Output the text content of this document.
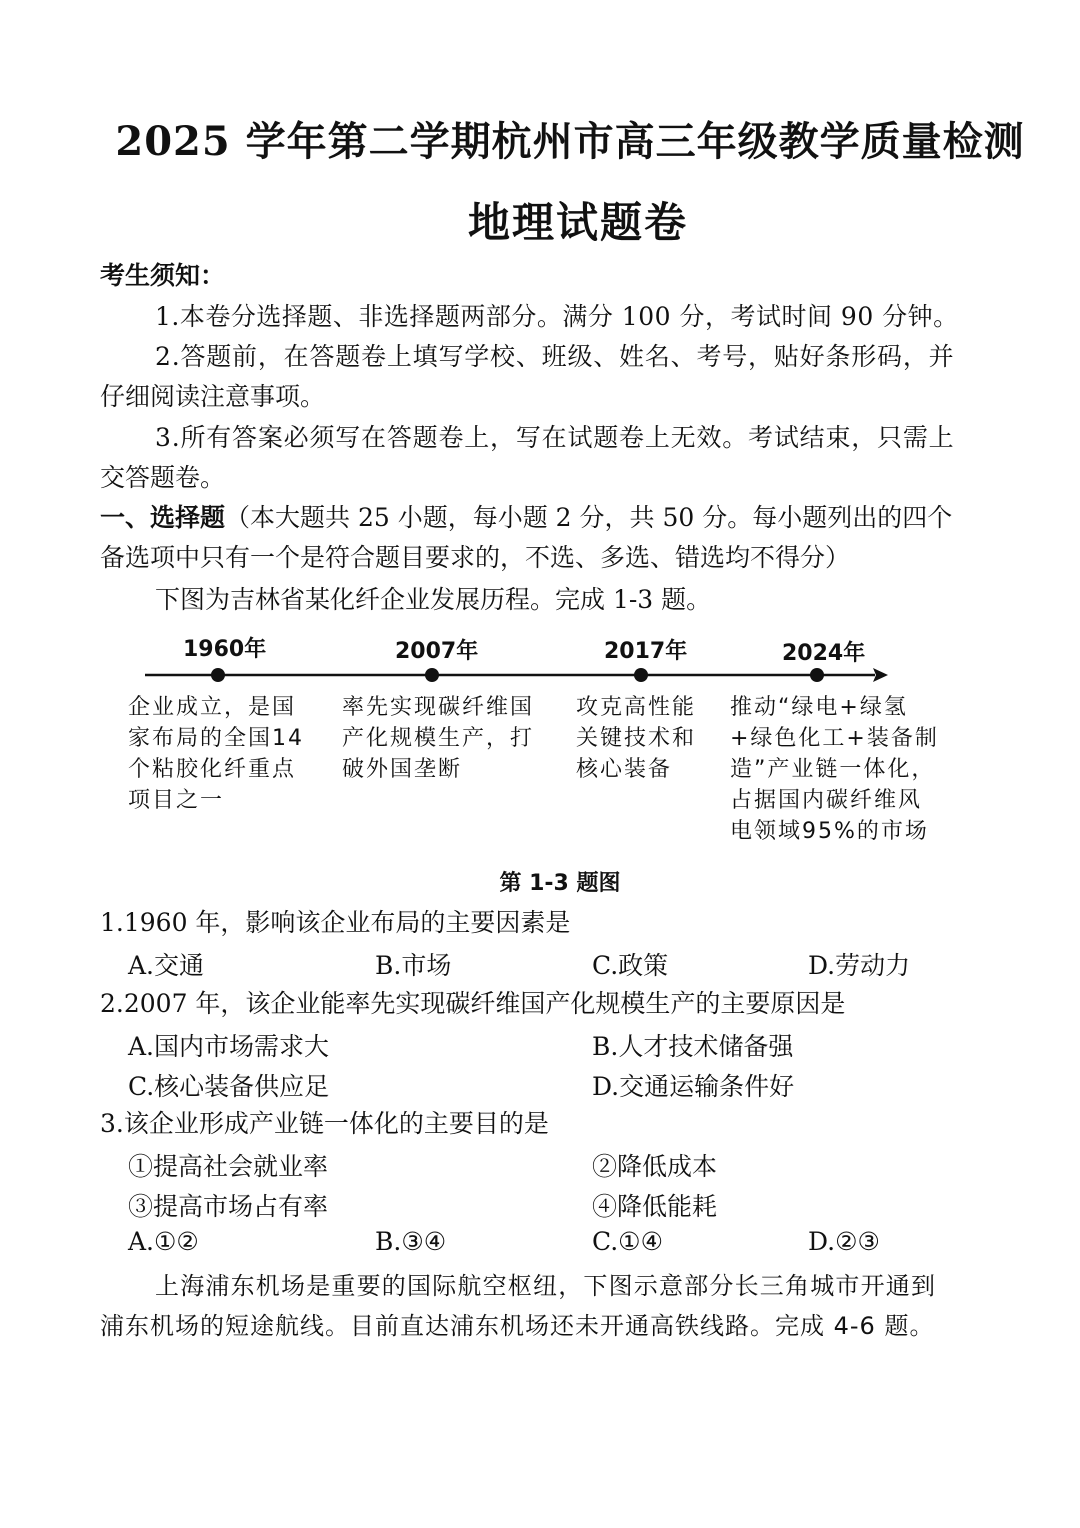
2025 学年第二学期杭州市高三年级教学质量检测
地理试题卷
考生须知：
1.本卷分选择题、非选择题两部分。满分 100 分，考试时间 90 分钟。
2.答题前，在答题卷上填写学校、班级、姓名、考号，贴好条形码，并
仔细阅读注意事项。
3.所有答案必须写在答题卷上，写在试题卷上无效。考试结束，只需上
交答题卷。
一、选择题（本大题共 25 小题，每小题 2 分，共 50 分。每小题列出的四个
备选项中只有一个是符合题目要求的，不选、多选、错选均不得分）
下图为吉林省某化纤企业发展历程。完成 1-3 题。
1960年	2007年	2017年	2024年
企业成立，是国家布局的全国14个粘胶化纤重点项目之一
率先实现碳纤维国产化规模生产，打破外国垄断
攻克高性能关键技术和核心装备
推动“绿电+绿氢+绿色化工+装备制造”产业链一体化，占据国内碳纤维风电领域95%的市场
第 1-3 题图
1.1960 年，影响该企业布局的主要因素是
A.交通	B.市场	C.政策	D.劳动力
2.2007 年，该企业能率先实现碳纤维国产化规模生产的主要原因是
A.国内市场需求大	B.人才技术储备强
C.核心装备供应足	D.交通运输条件好
3.该企业形成产业链一体化的主要目的是
①提高社会就业率	②降低成本
③提高市场占有率	④降低能耗
A.①②	B.③④	C.①④	D.②③
上海浦东机场是重要的国际航空枢纽，下图示意部分长三角城市开通到
浦东机场的短途航线。目前直达浦东机场还未开通高铁线路。完成 4-6 题。
